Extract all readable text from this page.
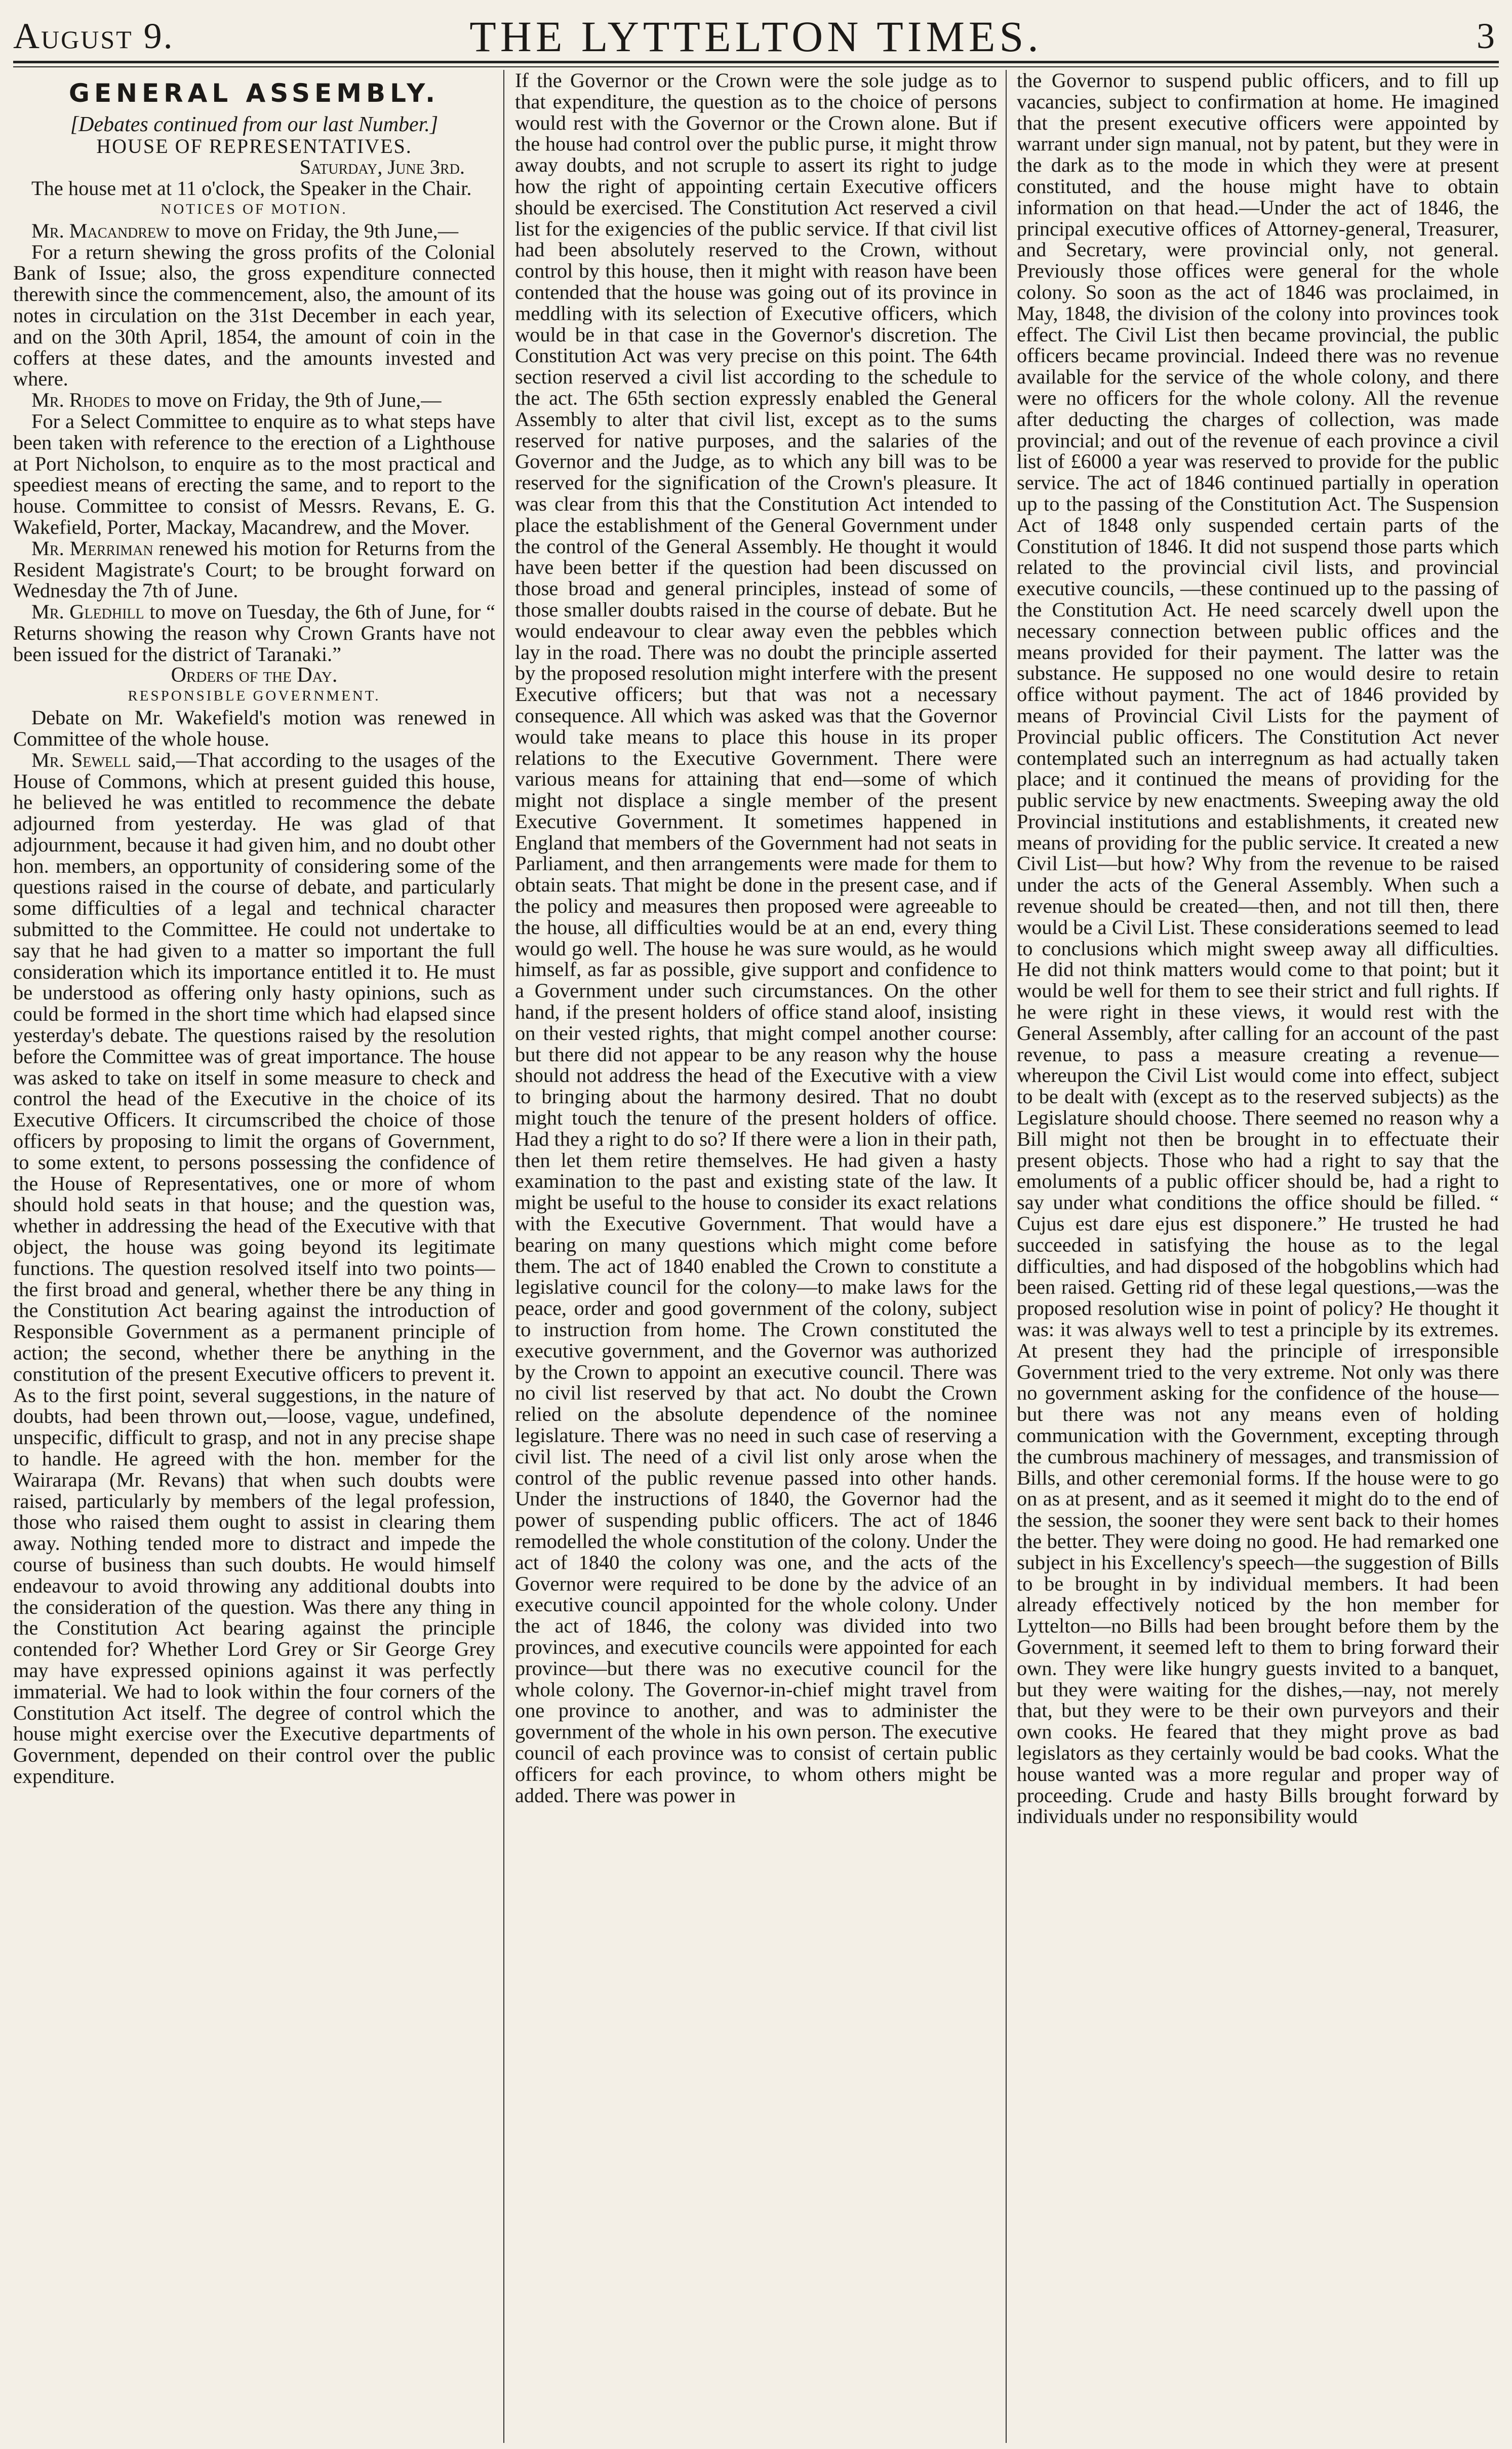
August 9.	THE LYTTELTON TIMES.	3
GENERAL ASSEMBLY.

[Debates continued from our last Number.]

HOUSE OF REPRESENTATIVES.

Saturday, June 3rd.

The house met at 11 o'clock, the Speaker in the Chair.

NOTICES OF MOTION.

Mr. Macandrew to move on Friday, the 9th June,—

For a return shewing the gross profits of the Colonial Bank of Issue; also, the gross expenditure connected therewith since the commencement, also, the amount of its notes in circulation on the 31st December in each year, and on the 30th April, 1854, the amount of coin in the coffers at these dates, and the amounts invested and where.

Mr. Rhodes to move on Friday, the 9th of June,—

For a Select Committee to enquire as to what steps have been taken with reference to the erection of a Lighthouse at Port Nicholson, to enquire as to the most practical and speediest means of erecting the same, and to report to the house. Committee to consist of Messrs. Revans, E. G. Wakefield, Porter, Mackay, Macandrew, and the Mover.

Mr. Merriman renewed his motion for Returns from the Resident Magistrate's Court; to be brought forward on Wednesday the 7th of June.

Mr. Gledhill to move on Tuesday, the 6th of June, for “ Returns showing the reason why Crown Grants have not been issued for the district of Taranaki.”

Orders of the Day.

RESPONSIBLE GOVERNMENT.

Debate on Mr. Wakefield's motion was renewed in Committee of the whole house.

Mr. Sewell said,—That according to the usages of the House of Commons, which at present guided this house, he believed he was entitled to recommence the debate adjourned from yesterday. He was glad of that adjournment, because it had given him, and no doubt other hon. members, an opportunity of considering some of the questions raised in the course of debate, and particularly some difficulties of a legal and technical character submitted to the Committee. He could not undertake to say that he had given to a matter so important the full consideration which its importance entitled it to. He must be understood as offering only hasty opinions, such as could be formed in the short time which had elapsed since yesterday's debate. The questions raised by the resolution before the Committee was of great importance. The house was asked to take on itself in some measure to check and control the head of the Executive in the choice of its Executive Officers. It circumscribed the choice of those officers by proposing to limit the organs of Government, to some extent, to persons possessing the confidence of the House of Representatives, one or more of whom should hold seats in that house; and the question was, whether in addressing the head of the Executive with that object, the house was going beyond its legitimate functions. The question resolved itself into two points—the first broad and general, whether there be any thing in the Constitution Act bearing against the introduction of Responsible Government as a permanent principle of action; the second, whether there be anything in the constitution of the present Executive officers to prevent it. As to the first point, several suggestions, in the nature of doubts, had been thrown out,—loose, vague, undefined, unspecific, difficult to grasp, and not in any precise shape to handle. He agreed with the hon. member for the Wairarapa (Mr. Revans) that when such doubts were raised, particularly by members of the legal profession, those who raised them ought to assist in clearing them away. Nothing tended more to distract and impede the course of business than such doubts. He would himself endeavour to avoid throwing any additional doubts into the consideration of the question. Was there any thing in the Constitution Act bearing against the principle contended for? Whether Lord Grey or Sir George Grey may have expressed opinions against it was perfectly immaterial. We had to look within the four corners of the Constitution Act itself. The degree of control which the house might exercise over the Executive departments of Government, depended on their control over the public expenditure.

If the Governor or the Crown were the sole judge as to that expenditure, the question as to the choice of persons would rest with the Governor or the Crown alone. But if the house had control over the public purse, it might throw away doubts, and not scruple to assert its right to judge how the right of appointing certain Executive officers should be exercised. The Constitution Act reserved a civil list for the exigencies of the public service. If that civil list had been absolutely reserved to the Crown, without control by this house, then it might with reason have been contended that the house was going out of its province in meddling with its selection of Executive officers, which would be in that case in the Governor's discretion. The Constitution Act was very precise on this point. The 64th section reserved a civil list according to the schedule to the act. The 65th section expressly enabled the General Assembly to alter that civil list, except as to the sums reserved for native purposes, and the salaries of the Governor and the Judge, as to which any bill was to be reserved for the signification of the Crown's pleasure. It was clear from this that the Constitution Act intended to place the establishment of the General Government under the control of the General Assembly. He thought it would have been better if the question had been discussed on those broad and general principles, instead of some of those smaller doubts raised in the course of debate. But he would endeavour to clear away even the pebbles which lay in the road. There was no doubt the principle asserted by the proposed resolution might interfere with the present Executive officers; but that was not a necessary consequence. All which was asked was that the Governor would take means to place this house in its proper relations to the Executive Government. There were various means for attaining that end—some of which might not displace a single member of the present Executive Government. It sometimes happened in England that members of the Government had not seats in Parliament, and then arrangements were made for them to obtain seats. That might be done in the present case, and if the policy and measures then proposed were agreeable to the house, all difficulties would be at an end, every thing would go well. The house he was sure would, as he would himself, as far as possible, give support and confidence to a Government under such circumstances. On the other hand, if the present holders of office stand aloof, insisting on their vested rights, that might compel another course: but there did not appear to be any reason why the house should not address the head of the Executive with a view to bringing about the harmony desired. That no doubt might touch the tenure of the present holders of office. Had they a right to do so? If there were a lion in their path, then let them retire themselves. He had given a hasty examination to the past and existing state of the law. It might be useful to the house to consider its exact relations with the Executive Government. That would have a bearing on many questions which might come before them. The act of 1840 enabled the Crown to constitute a legislative council for the colony—to make laws for the peace, order and good government of the colony, subject to instruction from home. The Crown constituted the executive government, and the Governor was authorized by the Crown to appoint an executive council. There was no civil list reserved by that act. No doubt the Crown relied on the absolute dependence of the nominee legislature. There was no need in such case of reserving a civil list. The need of a civil list only arose when the control of the public revenue passed into other hands. Under the instructions of 1840, the Governor had the power of suspending public officers. The act of 1846 remodelled the whole constitution of the colony. Under the act of 1840 the colony was one, and the acts of the Governor were required to be done by the advice of an executive council appointed for the whole colony. Under the act of 1846, the colony was divided into two provinces, and executive councils were appointed for each province—but there was no executive council for the whole colony. The Governor-in-chief might travel from one province to another, and was to administer the government of the whole in his own person. The executive council of each province was to consist of certain public officers for each province, to whom others might be added. There was power in

the Governor to suspend public officers, and to fill up vacancies, subject to confirmation at home. He imagined that the present executive officers were appointed by warrant under sign manual, not by patent, but they were in the dark as to the mode in which they were at present constituted, and the house might have to obtain information on that head.—Under the act of 1846, the principal executive offices of Attorney-general, Treasurer, and Secretary, were provincial only, not general. Previously those offices were general for the whole colony. So soon as the act of 1846 was proclaimed, in May, 1848, the division of the colony into provinces took effect. The Civil List then became provincial, the public officers became provincial. Indeed there was no revenue available for the service of the whole colony, and there were no officers for the whole colony. All the revenue after deducting the charges of collection, was made provincial; and out of the revenue of each province a civil list of £6000 a year was reserved to provide for the public service. The act of 1846 continued partially in operation up to the passing of the Constitution Act. The Suspension Act of 1848 only suspended certain parts of the Constitution of 1846. It did not suspend those parts which related to the provincial civil lists, and provincial executive councils, —these continued up to the passing of the Constitution Act. He need scarcely dwell upon the necessary connection between public offices and the means provided for their payment. The latter was the substance. He supposed no one would desire to retain office without payment. The act of 1846 provided by means of Provincial Civil Lists for the payment of Provincial public officers. The Constitution Act never contemplated such an interregnum as had actually taken place; and it continued the means of providing for the public service by new enactments. Sweeping away the old Provincial institutions and establishments, it created new means of providing for the public service. It created a new Civil List—but how? Why from the revenue to be raised under the acts of the General Assembly. When such a revenue should be created—then, and not till then, there would be a Civil List. These considerations seemed to lead to conclusions which might sweep away all difficulties. He did not think matters would come to that point; but it would be well for them to see their strict and full rights. If he were right in these views, it would rest with the General Assembly, after calling for an account of the past revenue, to pass a measure creating a revenue—whereupon the Civil List would come into effect, subject to be dealt with (except as to the reserved subjects) as the Legislature should choose. There seemed no reason why a Bill might not then be brought in to effectuate their present objects. Those who had a right to say that the emoluments of a public officer should be, had a right to say under what conditions the office should be filled. “ Cujus est dare ejus est disponere.” He trusted he had succeeded in satisfying the house as to the legal difficulties, and had disposed of the hobgoblins which had been raised. Getting rid of these legal questions,—was the proposed resolution wise in point of policy? He thought it was: it was always well to test a principle by its extremes. At present they had the principle of irresponsible Government tried to the very extreme. Not only was there no government asking for the confidence of the house—but there was not any means even of holding communication with the Government, excepting through the cumbrous machinery of messages, and transmission of Bills, and other ceremonial forms. If the house were to go on as at present, and as it seemed it might do to the end of the session, the sooner they were sent back to their homes the better. They were doing no good. He had remarked one subject in his Excellency's speech—the suggestion of Bills to be brought in by individual members. It had been already effectively noticed by the hon member for Lyttelton—no Bills had been brought before them by the Government, it seemed left to them to bring forward their own. They were like hungry guests invited to a banquet, but they were waiting for the dishes,—nay, not merely that, but they were to be their own purveyors and their own cooks. He feared that they might prove as bad legislators as they certainly would be bad cooks. What the house wanted was a more regular and proper way of proceeding. Crude and hasty Bills brought forward by individuals under no responsibility would
